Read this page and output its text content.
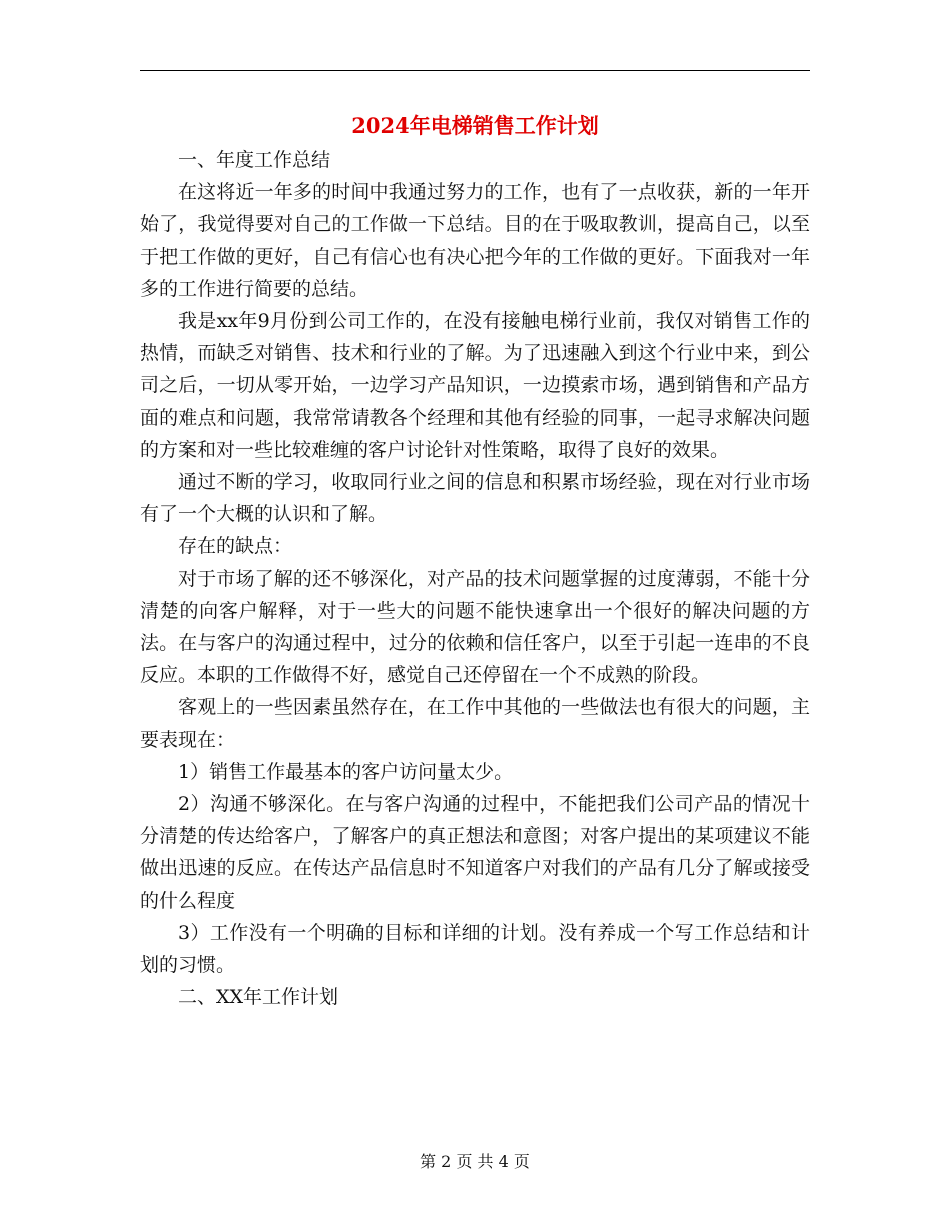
2024年电梯销售工作计划

一、年度工作总结

在这将近一年多的时间中我通过努力的工作，也有了一点收获，新的一年开始了，我觉得要对自己的工作做一下总结。目的在于吸取教训，提高自己，以至于把工作做的更好，自己有信心也有决心把今年的工作做的更好。下面我对一年多的工作进行简要的总结。

我是xx年9月份到公司工作的，在没有接触电梯行业前，我仅对销售工作的热情，而缺乏对销售、技术和行业的了解。为了迅速融入到这个行业中来，到公司之后，一切从零开始，一边学习产品知识，一边摸索市场，遇到销售和产品方面的难点和问题，我常常请教各个经理和其他有经验的同事，一起寻求解决问题的方案和对一些比较难缠的客户讨论针对性策略，取得了良好的效果。

通过不断的学习，收取同行业之间的信息和积累市场经验，现在对行业市场有了一个大概的认识和了解。

存在的缺点：

对于市场了解的还不够深化，对产品的技术问题掌握的过度薄弱，不能十分清楚的向客户解释，对于一些大的问题不能快速拿出一个很好的解决问题的方法。在与客户的沟通过程中，过分的依赖和信任客户，以至于引起一连串的不良反应。本职的工作做得不好，感觉自己还停留在一个不成熟的阶段。

客观上的一些因素虽然存在，在工作中其他的一些做法也有很大的问题，主要表现在：

1）销售工作最基本的客户访问量太少。

2）沟通不够深化。在与客户沟通的过程中，不能把我们公司产品的情况十分清楚的传达给客户，了解客户的真正想法和意图；对客户提出的某项建议不能做出迅速的反应。在传达产品信息时不知道客户对我们的产品有几分了解或接受的什么程度

3）工作没有一个明确的目标和详细的计划。没有养成一个写工作总结和计划的习惯。

二、XX年工作计划

第 2 页 共 4 页
